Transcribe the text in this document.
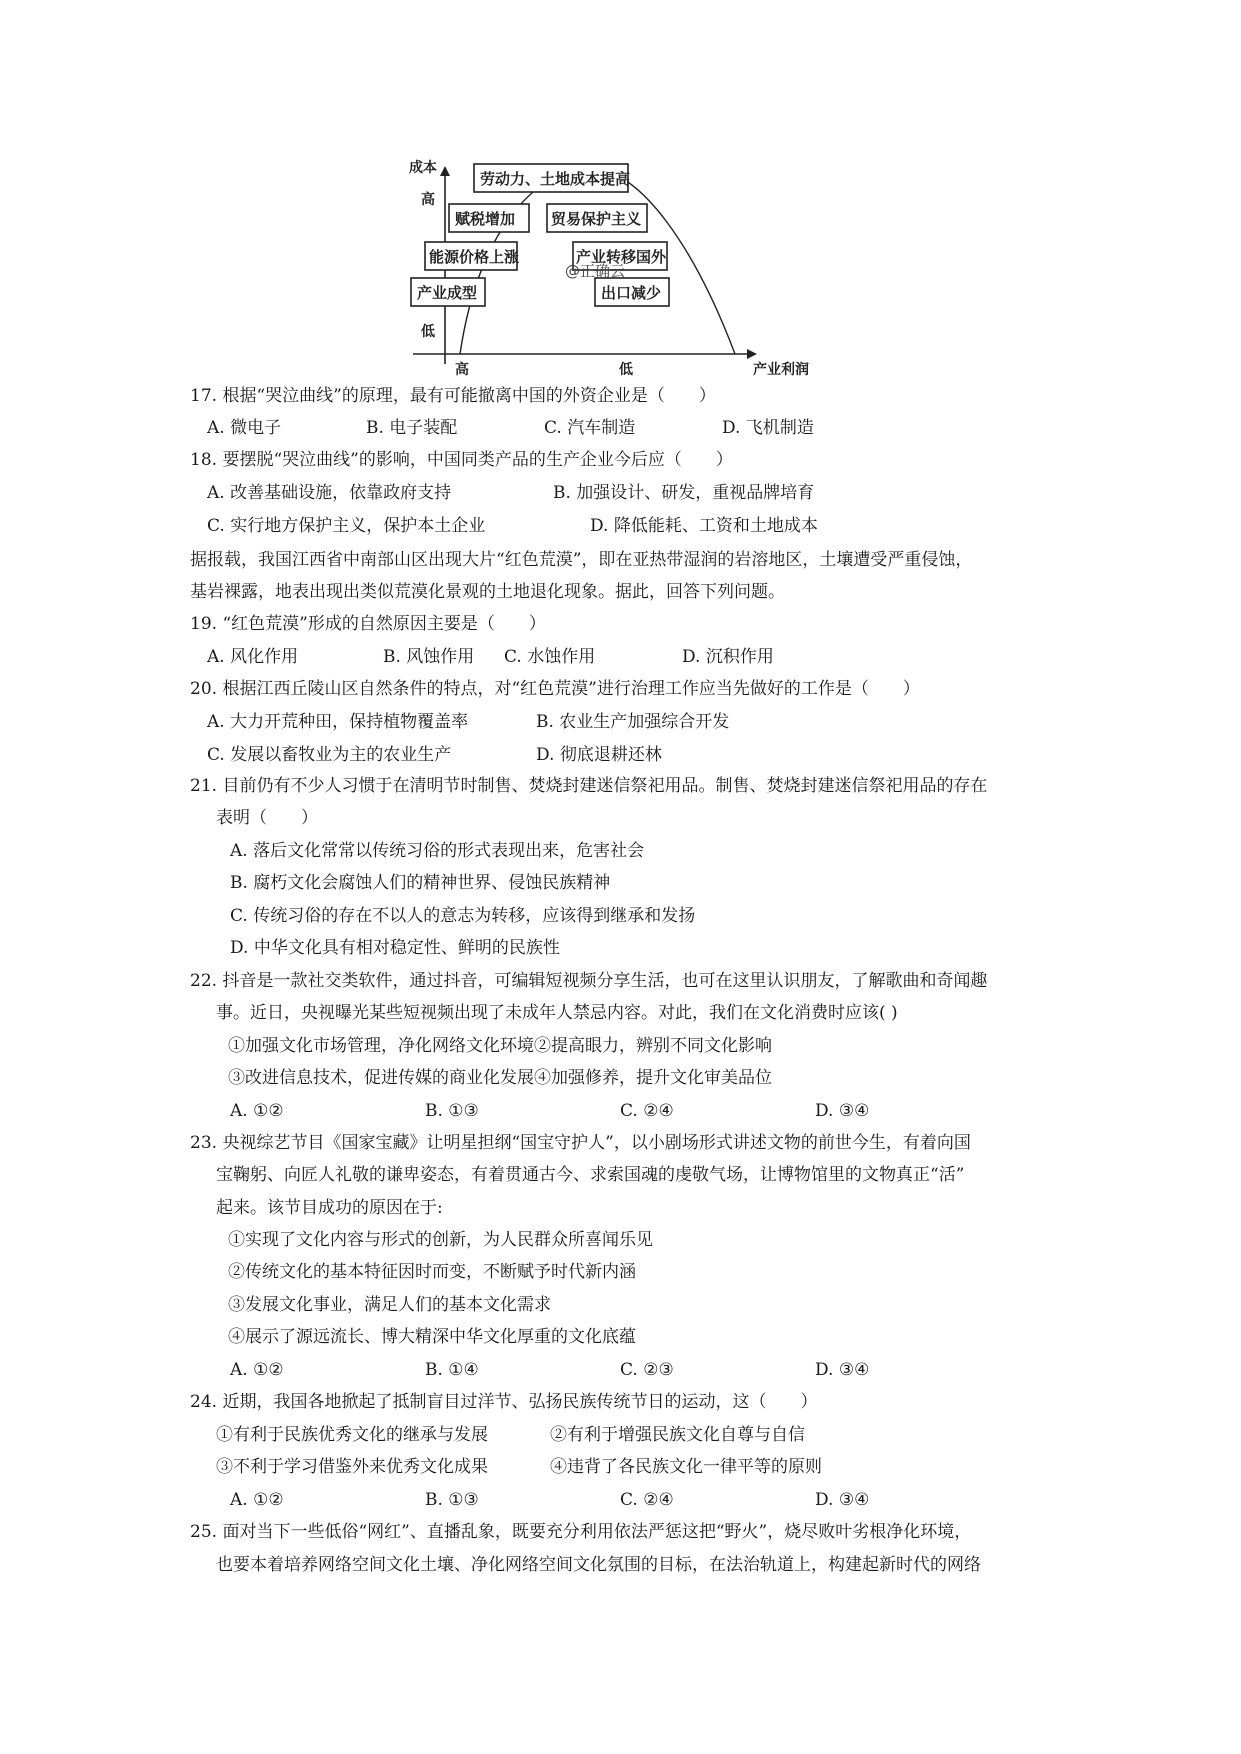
成本
高
低
产业利润
高	低
劳动力、土地成本提高
赋税增加 贸易保护主义
能源价格上涨	产业转移国外
产业成型	出口减少
@正确云
17. 根据“哭泣曲线”的原理，最有可能撤离中国的外资企业是（　　）
A. 微电子	B. 电子装配	C. 汽车制造	D. 飞机制造
18. 要摆脱“哭泣曲线”的影响，中国同类产品的生产企业今后应（　　）
A. 改善基础设施，依靠政府支持	B. 加强设计、研发，重视品牌培育
C. 实行地方保护主义，保护本土企业	D. 降低能耗、工资和土地成本
据报载，我国江西省中南部山区出现大片“红色荒漠”，即在亚热带湿润的岩溶地区，土壤遭受严重侵蚀，
基岩裸露，地表出现出类似荒漠化景观的土地退化现象。据此，回答下列问题。
19. “红色荒漠”形成的自然原因主要是（　　）
A. 风化作用	B. 风蚀作用 C. 水蚀作用	D. 沉积作用
20. 根据江西丘陵山区自然条件的特点，对“红色荒漠”进行治理工作应当先做好的工作是（　　）
A. 大力开荒种田，保持植物覆盖率	B. 农业生产加强综合开发
C. 发展以畜牧业为主的农业生产	D. 彻底退耕还林
21. 目前仍有不少人习惯于在清明节时制售、焚烧封建迷信祭祀用品。制售、焚烧封建迷信祭祀用品的存在
表明（　　）
A. 落后文化常常以传统习俗的形式表现出来，危害社会
B. 腐朽文化会腐蚀人们的精神世界、侵蚀民族精神
C. 传统习俗的存在不以人的意志为转移，应该得到继承和发扬
D. 中华文化具有相对稳定性、鲜明的民族性
22. 抖音是一款社交类软件，通过抖音，可编辑短视频分享生活，也可在这里认识朋友，了解歌曲和奇闻趣
事。近日，央视曝光某些短视频出现了未成年人禁忌内容。对此，我们在文化消费时应该( )
①加强文化市场管理，净化网络文化环境②提高眼力，辨别不同文化影响
③改进信息技术，促进传媒的商业化发展④加强修养，提升文化审美品位
A. ①②	B. ①③	C. ②④	D. ③④
23. 央视综艺节目《国家宝藏》让明星担纲“国宝守护人”，以小剧场形式讲述文物的前世今生，有着向国
宝鞠躬、向匠人礼敬的谦卑姿态，有着贯通古今、求索国魂的虔敬气场，让博物馆里的文物真正“活”
起来。该节目成功的原因在于:
①实现了文化内容与形式的创新，为人民群众所喜闻乐见
②传统文化的基本特征因时而变，不断赋予时代新内涵
③发展文化事业，满足人们的基本文化需求
④展示了源远流长、博大精深中华文化厚重的文化底蕴
A. ①②	B. ①④	C. ②③	D. ③④
24. 近期，我国各地掀起了抵制盲目过洋节、弘扬民族传统节日的运动，这（　　）
①有利于民族优秀文化的继承与发展	②有利于增强民族文化自尊与自信
③不利于学习借鉴外来优秀文化成果	④违背了各民族文化一律平等的原则
A. ①②	B. ①③	C. ②④	D. ③④
25. 面对当下一些低俗“网红”、直播乱象，既要充分利用依法严惩这把“野火”，烧尽败叶劣根净化环境，
也要本着培养网络空间文化土壤、净化网络空间文化氛围的目标，在法治轨道上，构建起新时代的网络
